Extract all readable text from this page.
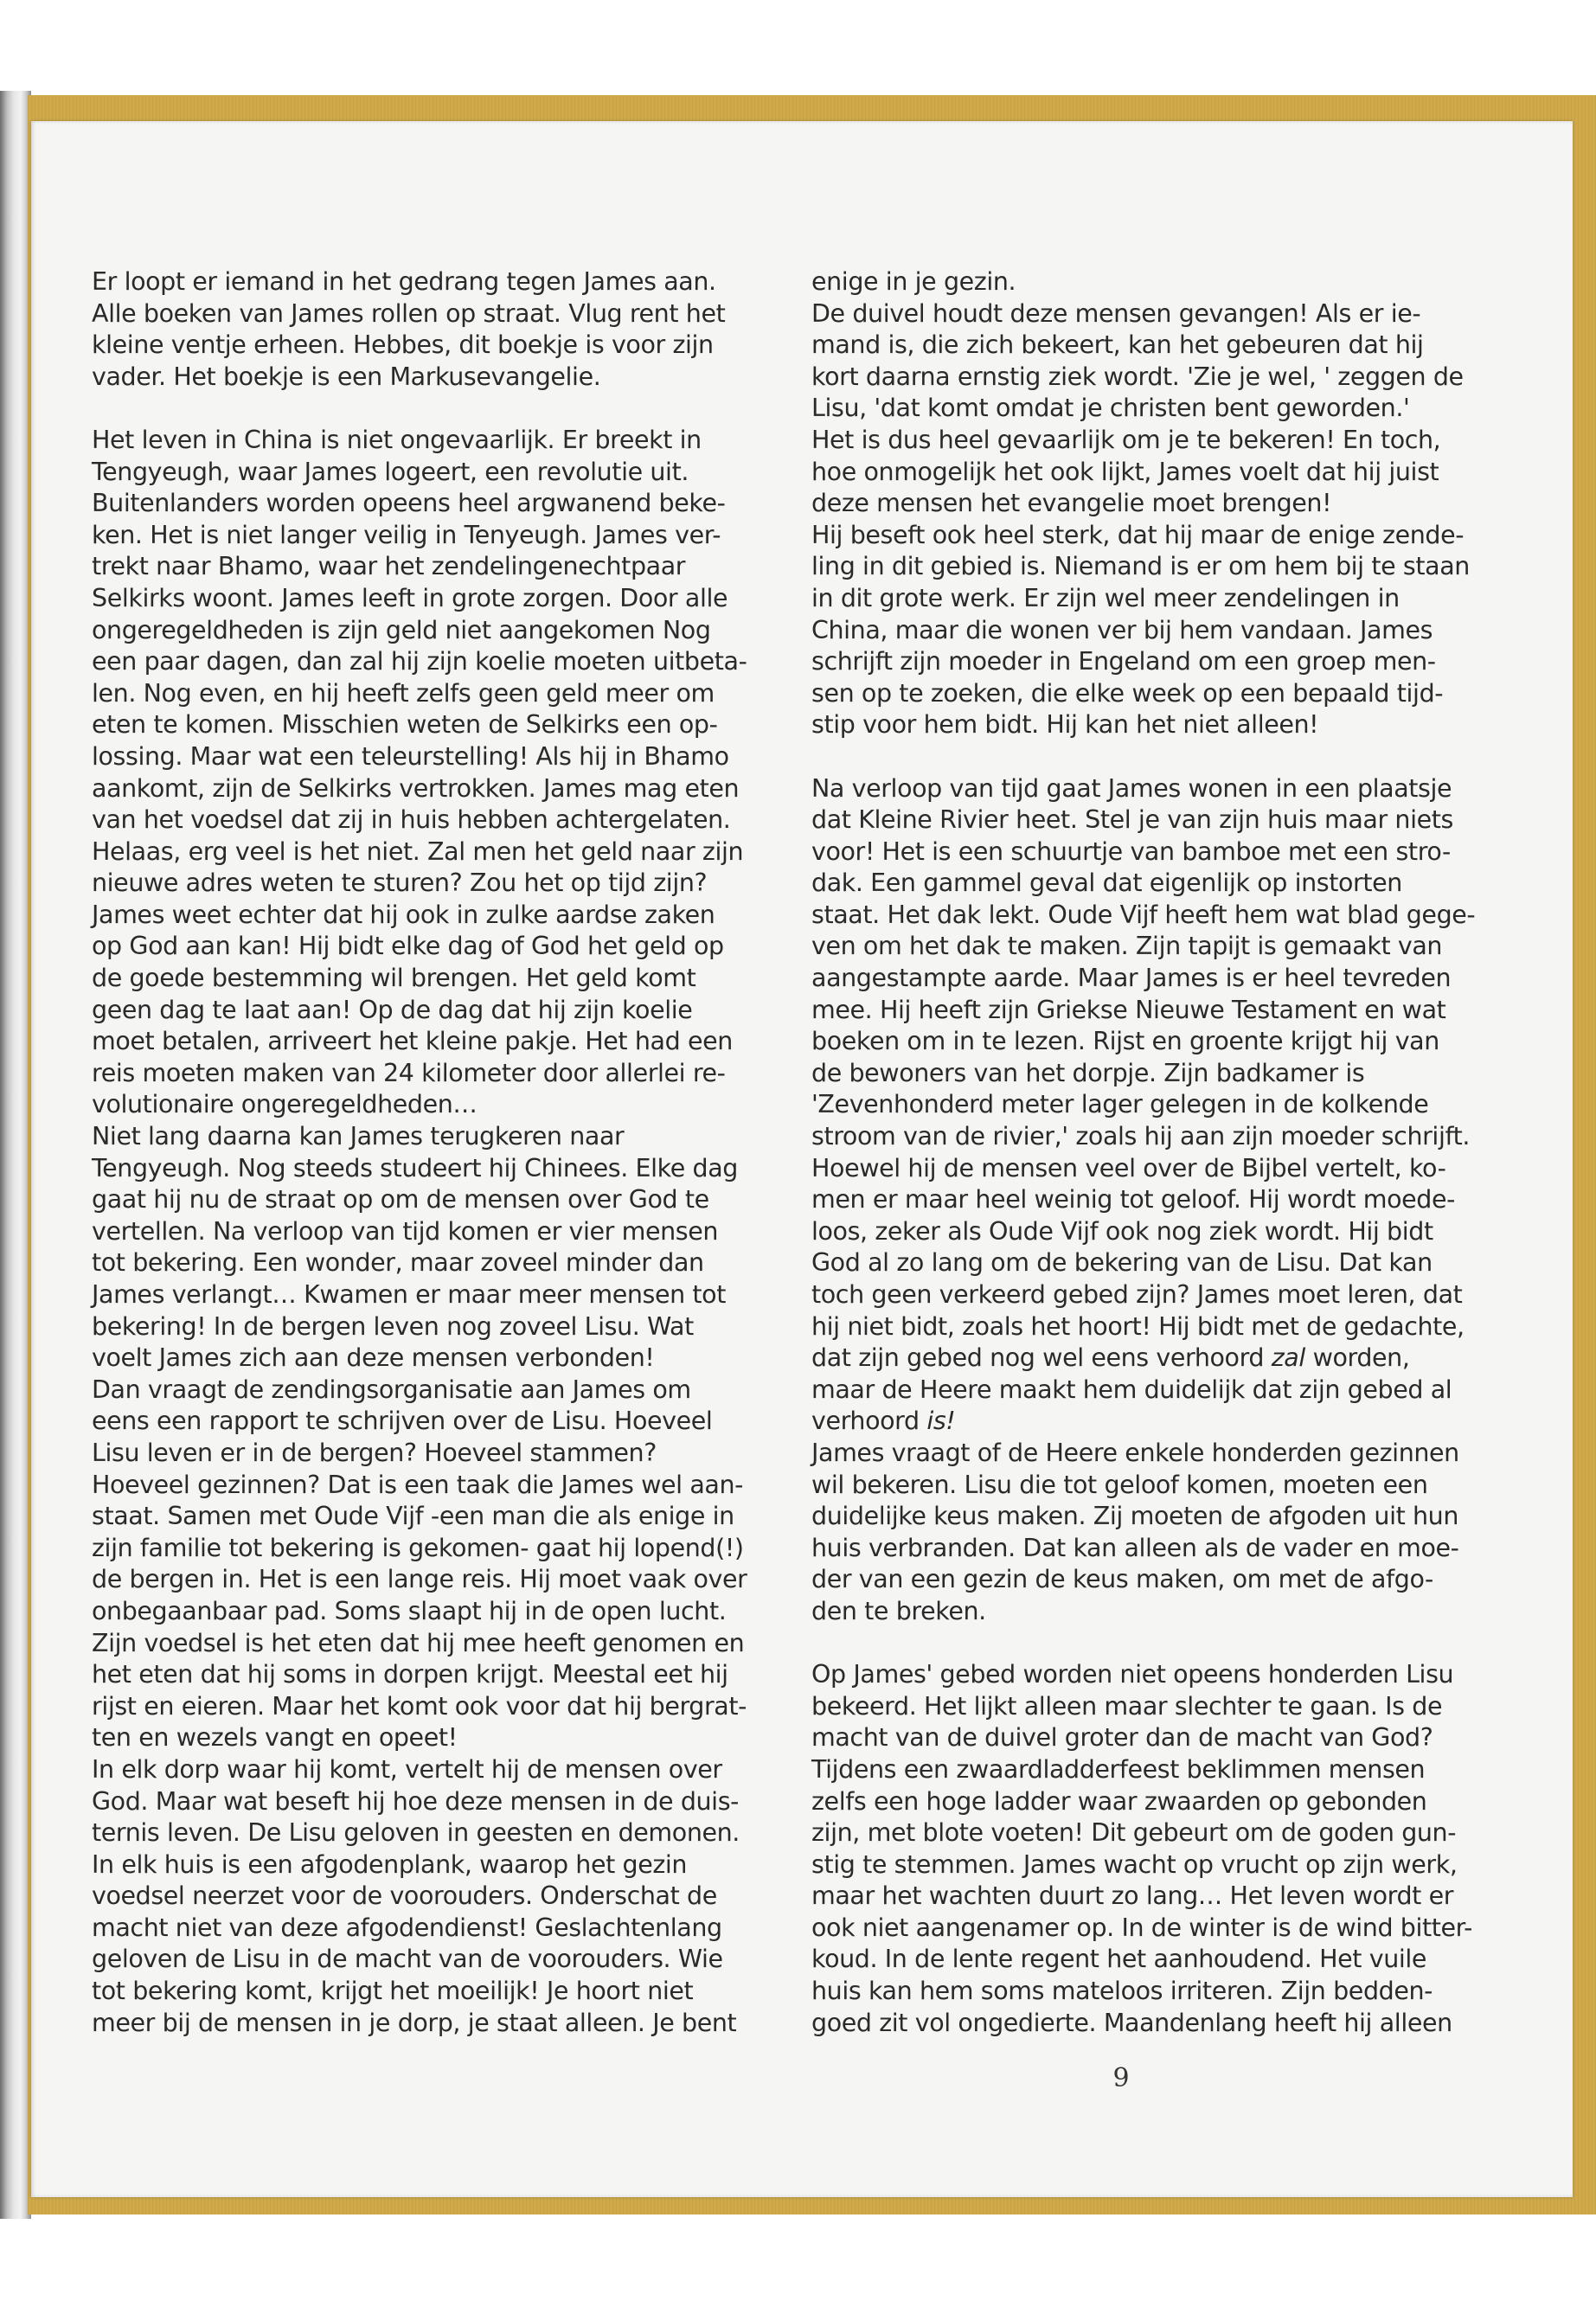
Er loopt er iemand in het gedrang tegen James aan.
Alle boeken van James rollen op straat. Vlug rent het
kleine ventje erheen. Hebbes, dit boekje is voor zijn
vader. Het boekje is een Markusevangelie.
Het leven in China is niet ongevaarlijk. Er breekt in
Tengyeugh, waar James logeert, een revolutie uit.
Buitenlanders worden opeens heel argwanend beke-
ken. Het is niet langer veilig in Tenyeugh. James ver-
trekt naar Bhamo, waar het zendelingenechtpaar
Selkirks woont. James leeft in grote zorgen. Door alle
ongeregeldheden is zijn geld niet aangekomen Nog
een paar dagen, dan zal hij zijn koelie moeten uitbeta-
len. Nog even, en hij heeft zelfs geen geld meer om
eten te komen. Misschien weten de Selkirks een op-
lossing. Maar wat een teleurstelling! Als hij in Bhamo
aankomt, zijn de Selkirks vertrokken. James mag eten
van het voedsel dat zij in huis hebben achtergelaten.
Helaas, erg veel is het niet. Zal men het geld naar zijn
nieuwe adres weten te sturen? Zou het op tijd zijn?
James weet echter dat hij ook in zulke aardse zaken
op God aan kan! Hij bidt elke dag of God het geld op
de goede bestemming wil brengen. Het geld komt
geen dag te laat aan! Op de dag dat hij zijn koelie
moet betalen, arriveert het kleine pakje. Het had een
reis moeten maken van 24 kilometer door allerlei re-
volutionaire ongeregeldheden…
Niet lang daarna kan James terugkeren naar
Tengyeugh. Nog steeds studeert hij Chinees. Elke dag
gaat hij nu de straat op om de mensen over God te
vertellen. Na verloop van tijd komen er vier mensen
tot bekering. Een wonder, maar zoveel minder dan
James verlangt… Kwamen er maar meer mensen tot
bekering! In de bergen leven nog zoveel Lisu. Wat
voelt James zich aan deze mensen verbonden!
Dan vraagt de zendingsorganisatie aan James om
eens een rapport te schrijven over de Lisu. Hoeveel
Lisu leven er in de bergen? Hoeveel stammen?
Hoeveel gezinnen? Dat is een taak die James wel aan-
staat. Samen met Oude Vijf -een man die als enige in
zijn familie tot bekering is gekomen- gaat hij lopend(!)
de bergen in. Het is een lange reis. Hij moet vaak over
onbegaanbaar pad. Soms slaapt hij in de open lucht.
Zijn voedsel is het eten dat hij mee heeft genomen en
het eten dat hij soms in dorpen krijgt. Meestal eet hij
rijst en eieren. Maar het komt ook voor dat hij bergrat-
ten en wezels vangt en opeet!
In elk dorp waar hij komt, vertelt hij de mensen over
God. Maar wat beseft hij hoe deze mensen in de duis-
ternis leven. De Lisu geloven in geesten en demonen.
In elk huis is een afgodenplank, waarop het gezin
voedsel neerzet voor de voorouders. Onderschat de
macht niet van deze afgodendienst! Geslachtenlang
geloven de Lisu in de macht van de voorouders. Wie
tot bekering komt, krijgt het moeilijk! Je hoort niet
meer bij de mensen in je dorp, je staat alleen. Je bent
enige in je gezin.
De duivel houdt deze mensen gevangen! Als er ie-
mand is, die zich bekeert, kan het gebeuren dat hij
kort daarna ernstig ziek wordt. 'Zie je wel, ' zeggen de
Lisu, 'dat komt omdat je christen bent geworden.'
Het is dus heel gevaarlijk om je te bekeren! En toch,
hoe onmogelijk het ook lijkt, James voelt dat hij juist
deze mensen het evangelie moet brengen!
Hij beseft ook heel sterk, dat hij maar de enige zende-
ling in dit gebied is. Niemand is er om hem bij te staan
in dit grote werk. Er zijn wel meer zendelingen in
China, maar die wonen ver bij hem vandaan. James
schrijft zijn moeder in Engeland om een groep men-
sen op te zoeken, die elke week op een bepaald tijd-
stip voor hem bidt. Hij kan het niet alleen!
Na verloop van tijd gaat James wonen in een plaatsje
dat Kleine Rivier heet. Stel je van zijn huis maar niets
voor! Het is een schuurtje van bamboe met een stro-
dak. Een gammel geval dat eigenlijk op instorten
staat. Het dak lekt. Oude Vijf heeft hem wat blad gege-
ven om het dak te maken. Zijn tapijt is gemaakt van
aangestampte aarde. Maar James is er heel tevreden
mee. Hij heeft zijn Griekse Nieuwe Testament en wat
boeken om in te lezen. Rijst en groente krijgt hij van
de bewoners van het dorpje. Zijn badkamer is
'Zevenhonderd meter lager gelegen in de kolkende
stroom van de rivier,' zoals hij aan zijn moeder schrijft.
Hoewel hij de mensen veel over de Bijbel vertelt, ko-
men er maar heel weinig tot geloof. Hij wordt moede-
loos, zeker als Oude Vijf ook nog ziek wordt. Hij bidt
God al zo lang om de bekering van de Lisu. Dat kan
toch geen verkeerd gebed zijn? James moet leren, dat
hij niet bidt, zoals het hoort! Hij bidt met de gedachte,
dat zijn gebed nog wel eens verhoord zal worden,
maar de Heere maakt hem duidelijk dat zijn gebed al
verhoord is!
James vraagt of de Heere enkele honderden gezinnen
wil bekeren. Lisu die tot geloof komen, moeten een
duidelijke keus maken. Zij moeten de afgoden uit hun
huis verbranden. Dat kan alleen als de vader en moe-
der van een gezin de keus maken, om met de afgo-
den te breken.
Op James' gebed worden niet opeens honderden Lisu
bekeerd. Het lijkt alleen maar slechter te gaan. Is de
macht van de duivel groter dan de macht van God?
Tijdens een zwaardladderfeest beklimmen mensen
zelfs een hoge ladder waar zwaarden op gebonden
zijn, met blote voeten! Dit gebeurt om de goden gun-
stig te stemmen. James wacht op vrucht op zijn werk,
maar het wachten duurt zo lang… Het leven wordt er
ook niet aangenamer op. In de winter is de wind bitter-
koud. In de lente regent het aanhoudend. Het vuile
huis kan hem soms mateloos irriteren. Zijn bedden-
goed zit vol ongedierte. Maandenlang heeft hij alleen
9
